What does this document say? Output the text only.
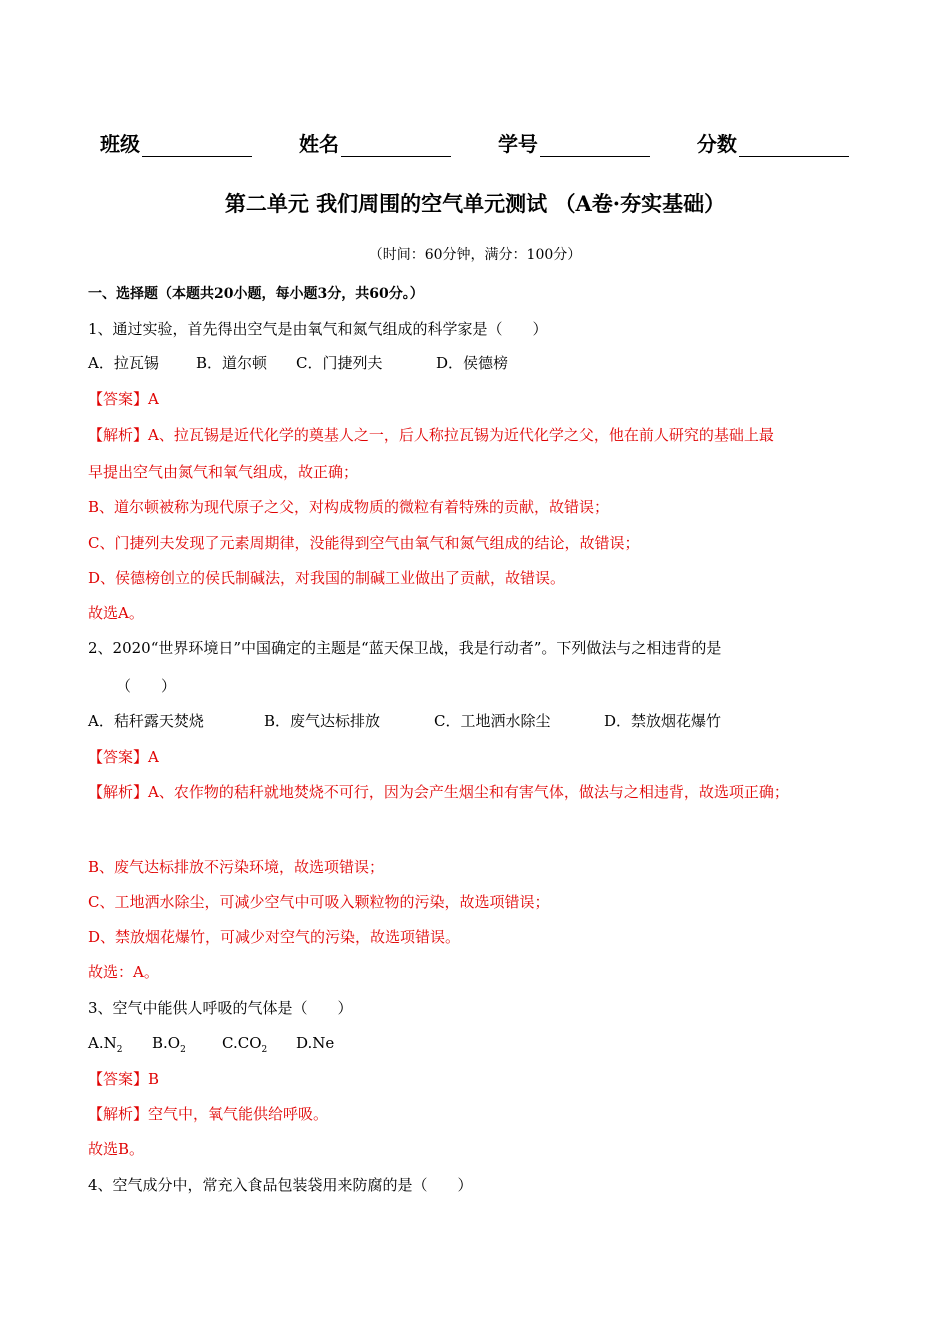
班级	姓名	学号	分数
第二单元 我们周围的空气单元测试 （A卷·夯实基础）
（时间：60分钟，满分：100分）
一、选择题（本题共20小题，每小题3分，共60分。）
1、通过实验，首先得出空气是由氧气和氮气组成的科学家是（　　）
A．拉瓦锡 B．道尔顿 C．门捷列夫	D．侯德榜
【答案】A
【解析】A、拉瓦锡是近代化学的奠基人之一，后人称拉瓦锡为近代化学之父，他在前人研究的基础上最
早提出空气由氮气和氧气组成，故正确；
B、道尔顿被称为现代原子之父，对构成物质的微粒有着特殊的贡献，故错误；
C、门捷列夫发现了元素周期律，没能得到空气由氧气和氮气组成的结论，故错误；
D、侯德榜创立的侯氏制碱法，对我国的制碱工业做出了贡献，故错误。
故选A。
2、2020“世界环境日”中国确定的主题是“蓝天保卫战，我是行动者”。下列做法与之相违背的是
（　　）
A．秸秆露天焚烧	B．废气达标排放	C．工地洒水除尘	D．禁放烟花爆竹
【答案】A
【解析】A、农作物的秸秆就地焚烧不可行，因为会产生烟尘和有害气体，做法与之相违背，故选项正确；
B、废气达标排放不污染环境，故选项错误；
C、工地洒水除尘，可减少空气中可吸入颗粒物的污染，故选项错误；
D、禁放烟花爆竹，可减少对空气的污染，故选项错误。
故选：A。
3、空气中能供人呼吸的气体是（　　）
$A.N_2$ $B.O_2$ $C.CO_2$ D.Ne
【答案】B
【解析】空气中，氧气能供给呼吸。
故选B。
4、空气成分中，常充入食品包装袋用来防腐的是（　　）
